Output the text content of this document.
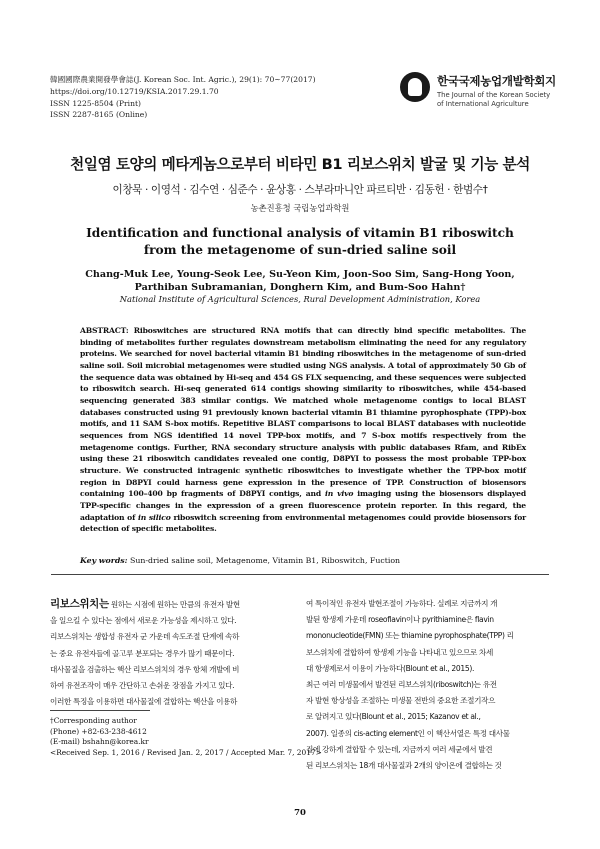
韓國國際農業開發學會誌(J. Korean Soc. Int. Agric.), 29(1): 70~77(2017)
https://doi.org/10.12719/KSIA.2017.29.1.70
ISSN 1225-8504 (Print)
ISSN 2287-8165 (Online)
한국국제농업개발학회지
The Journal of the Korean Society
of International Agriculture
천일염 토양의 메타게놈으로부터 비타민 B1 리보스위치 발굴 및 기능 분석
이창묵 · 이영석 · 김수연 · 심준수 · 윤상홍 · 스부라마니안 파르티반 · 김동헌 · 한범수†
농촌진흥청 국립농업과학원
Identification and functional analysis of vitamin B1 riboswitch
from the metagenome of sun-dried saline soil
Chang-Muk Lee, Young-Seok Lee, Su-Yeon Kim, Joon-Soo Sim, Sang-Hong Yoon,
Parthiban Subramanian, Donghern Kim, and Bum-Soo Hahn†
National Institute of Agricultural Sciences, Rural Development Administration, Korea
ABSTRACT: Riboswitches are structured RNA motifs that can directly bind specific metabolites. The binding of metabolites further regulates downstream metabolism eliminating the need for any regulatory proteins. We searched for novel bacterial vitamin B1 binding riboswitches in the metagenome of sun-dried saline soil. Soil microbial metagenomes were studied using NGS analysis. A total of approximately 50 Gb of the sequence data was obtained by Hi-seq and 454 GS FLX sequencing, and these sequences were subjected to riboswitch search. Hi-seq generated 614 contigs showing similarity to riboswitches, while 454-based sequencing generated 383 similar contigs. We matched whole metagenome contigs to local BLAST databases constructed using 91 previously known bacterial vitamin B1 thiamine pyrophosphate (TPP)-box motifs, and 11 SAM S-box motifs. Repetitive BLAST comparisons to local BLAST databases with nucleotide sequences from NGS identified 14 novel TPP-box motifs, and 7 S-box motifs respectively from the metagenome contigs. Further, RNA secondary structure analysis with public databases Rfam, and RibEx using these 21 riboswitch candidates revealed one contig, D8PYI to possess the most probable TPP-box structure. We constructed intragenic synthetic riboswitches to investigate whether the TPP-box motif region in D8PYI could harness gene expression in the presence of TPP. Construction of biosensors containing 100–400 bp fragments of D8PYI contigs, and in vivo imaging using the biosensors displayed TPP-specific changes in the expression of a green fluorescence protein reporter. In this regard, the adaptation of in silico riboswitch screening from environmental metagenomes could provide biosensors for detection of specific metabolites.
Key words: Sun-dried saline soil, Metagenome, Vitamin B1, Riboswitch, Fuction
리보스위치는 원하는 시점에 원하는 만큼의 유전자 발현
을 일으킬 수 있다는 점에서 새로운 가능성을 제시하고 있다.
리보스위치는 생합성 유전자 군 가운데 속도조절 단계에 속하
는 중요 유전자들에 골고루 분포되는 경우가 많기 때문이다.
대사물질을 검출하는 핵산 리보스위치의 경우 항체 개발에 비
하여 유전조작이 매우 간단하고 손쉬운 장점을 가지고 있다.
이러한 특징을 이용하면 대사물질에 결합하는 핵산을 이용하
여 특이적인 유전자 발현조절이 가능하다. 실례로 지금까지 개
발된 항생제 가운데 roseoflavin이나 pyrithiamine은 flavin
mononucleotide(FMN) 또는 thiamine pyrophosphate(TPP) 리
보스위치에 결합하여 항생제 기능을 나타내고 있으므로 차세
대 항생제로서 이용이 가능하다(Blount et al., 2015).
최근 여러 미생물에서 발견된 리보스위치(riboswitch)는 유전
자 발현 항상성을 조절하는 미생물 전반의 중요한 조절기작으
로 알려지고 있다(Blount et al., 2015; Kazanov et al.,
2007). 일종의 cis-acting element인 이 핵산서열은 특정 대사물
질에 강하게 결합할 수 있는데, 지금까지 여러 세균에서 발견
된 리보스위치는 18개 대사물질과 2개의 양이온에 결합하는 것
†Corresponding author
(Phone) +82-63-238-4612
(E-mail) bshahn@korea.kr
<Received Sep. 1, 2016 / Revised Jan. 2, 2017 / Accepted Mar. 7, 2017>
70
